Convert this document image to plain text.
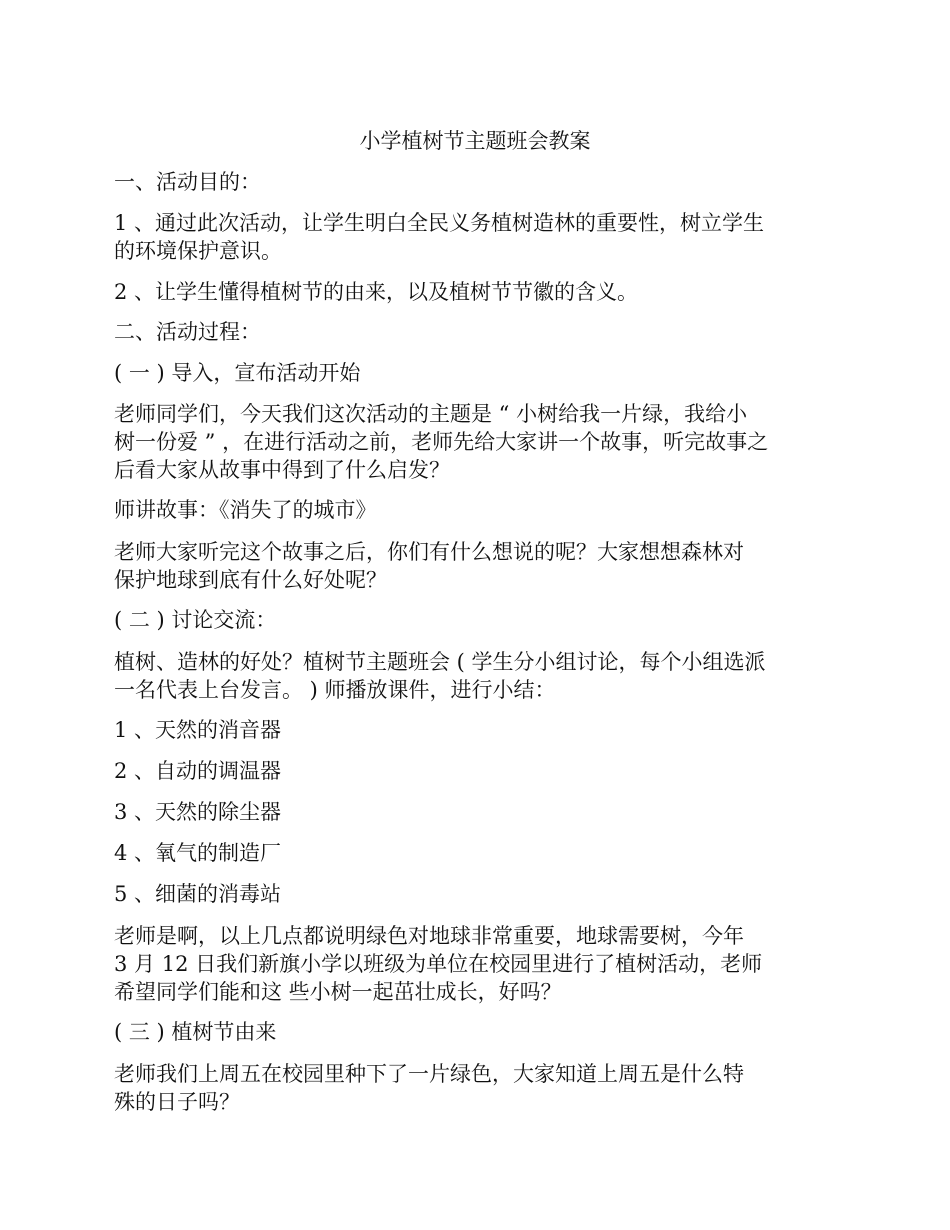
小学植树节主题班会教案
一、活动目的：
1 、通过此次活动，让学生明白全民义务植树造林的重要性，树立学生
的环境保护意识。
2 、让学生懂得植树节的由来，以及植树节节徽的含义。
二、活动过程：
( 一 ) 导入，宣布活动开始
老师同学们，今天我们这次活动的主题是 “ 小树给我一片绿，我给小
树一份爱 ” ，在进行活动之前，老师先给大家讲一个故事，听完故事之
后看大家从故事中得到了什么启发？
师讲故事：《消失了的城市》
老师大家听完这个故事之后，你们有什么想说的呢？大家想想森林对
保护地球到底有什么好处呢？
( 二 ) 讨论交流：
植树、造林的好处？植树节主题班会 ( 学生分小组讨论，每个小组选派
一名代表上台发言。 ) 师播放课件，进行小结：
1 、天然的消音器
2 、自动的调温器
3 、天然的除尘器
4 、氧气的制造厂
5 、细菌的消毒站
老师是啊，以上几点都说明绿色对地球非常重要，地球需要树，今年
3 月 12 日我们新旗小学以班级为单位在校园里进行了植树活动，老师
希望同学们能和这 些小树一起茁壮成长，好吗？
( 三 ) 植树节由来
老师我们上周五在校园里种下了一片绿色，大家知道上周五是什么特
殊的日子吗？
